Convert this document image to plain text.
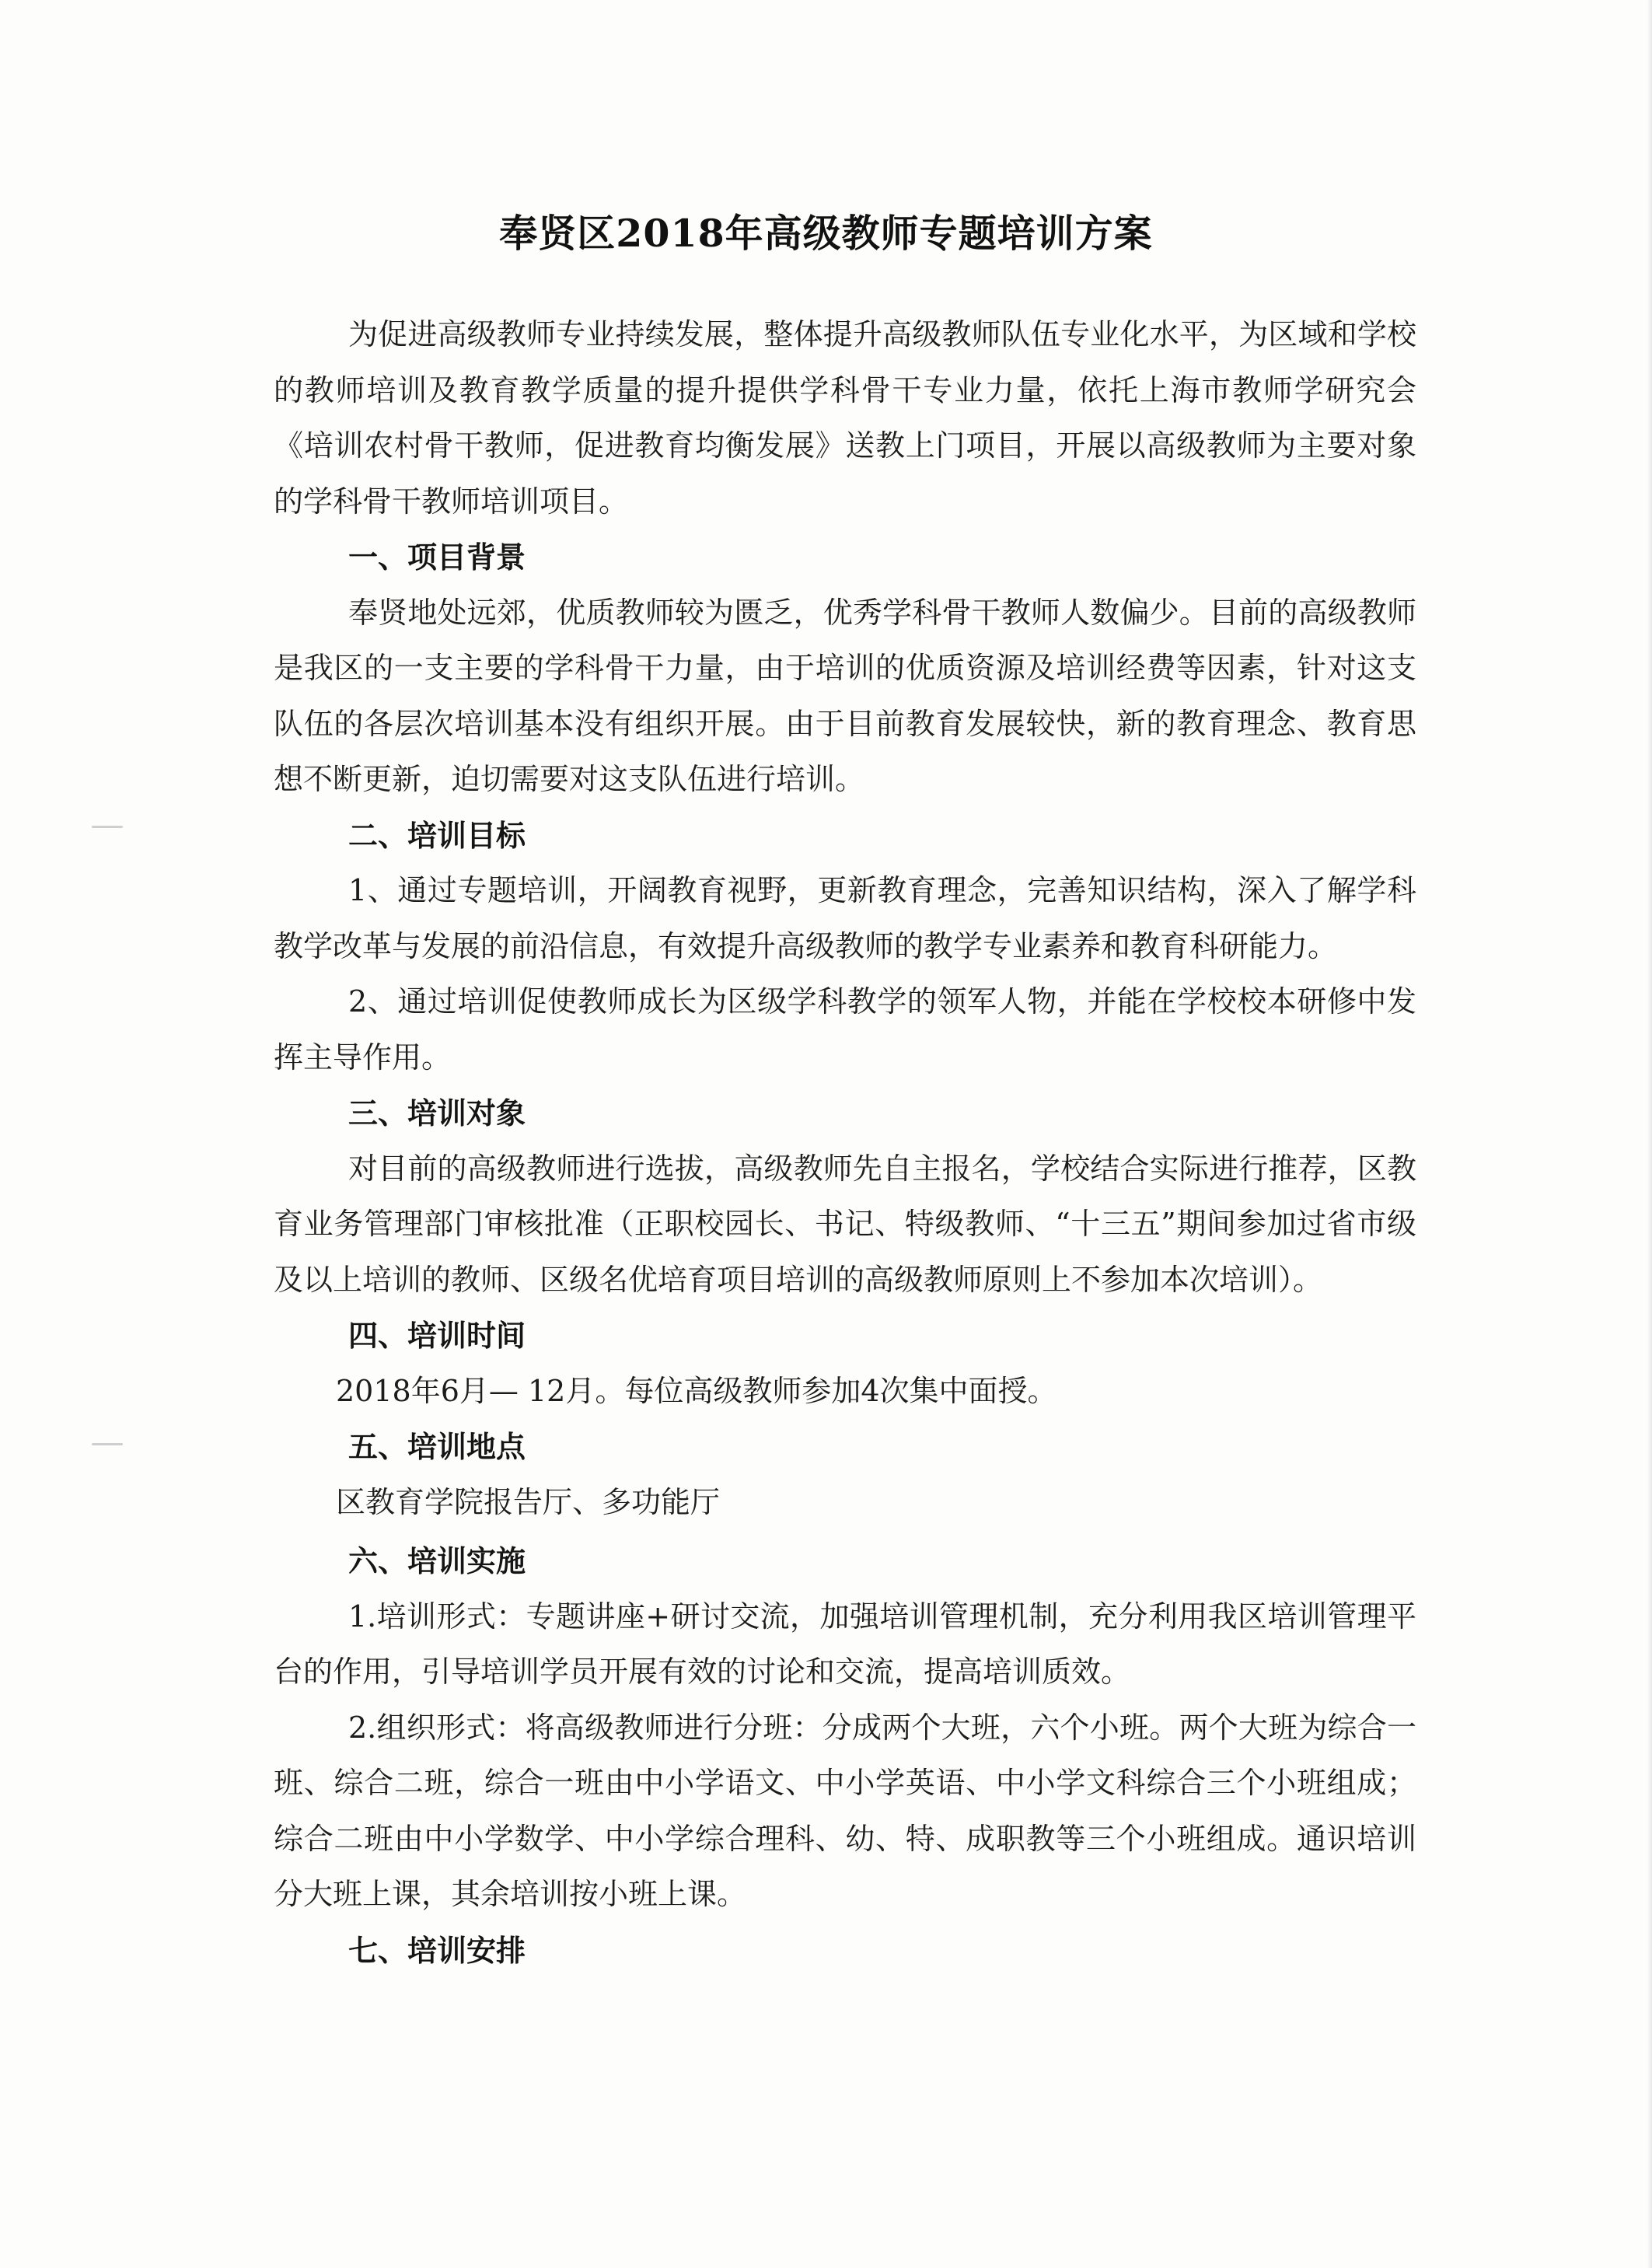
奉贤区2018年高级教师专题培训方案

为促进高级教师专业持续发展，整体提升高级教师队伍专业化水平，为区域和学校的教师培训及教育教学质量的提升提供学科骨干专业力量，依托上海市教师学研究会《培训农村骨干教师，促进教育均衡发展》送教上门项目，开展以高级教师为主要对象的学科骨干教师培训项目。

一、项目背景

奉贤地处远郊，优质教师较为匮乏，优秀学科骨干教师人数偏少。目前的高级教师是我区的一支主要的学科骨干力量，由于培训的优质资源及培训经费等因素，针对这支队伍的各层次培训基本没有组织开展。由于目前教育发展较快，新的教育理念、教育思想不断更新，迫切需要对这支队伍进行培训。

二、培训目标

1、通过专题培训，开阔教育视野，更新教育理念，完善知识结构，深入了解学科教学改革与发展的前沿信息，有效提升高级教师的教学专业素养和教育科研能力。

2、通过培训促使教师成长为区级学科教学的领军人物，并能在学校校本研修中发挥主导作用。

三、培训对象

对目前的高级教师进行选拔，高级教师先自主报名，学校结合实际进行推荐，区教育业务管理部门审核批准（正职校园长、书记、特级教师、“十三五”期间参加过省市级及以上培训的教师、区级名优培育项目培训的高级教师原则上不参加本次培训）。

四、培训时间

2018年6月— 12月。每位高级教师参加4次集中面授。

五、培训地点

区教育学院报告厅、多功能厅

六、培训实施

1.培训形式：专题讲座+研讨交流，加强培训管理机制，充分利用我区培训管理平台的作用，引导培训学员开展有效的讨论和交流，提高培训质效。

2.组织形式：将高级教师进行分班：分成两个大班，六个小班。两个大班为综合一班、综合二班，综合一班由中小学语文、中小学英语、中小学文科综合三个小班组成；综合二班由中小学数学、中小学综合理科、幼、特、成职教等三个小班组成。通识培训分大班上课，其余培训按小班上课。

七、培训安排
